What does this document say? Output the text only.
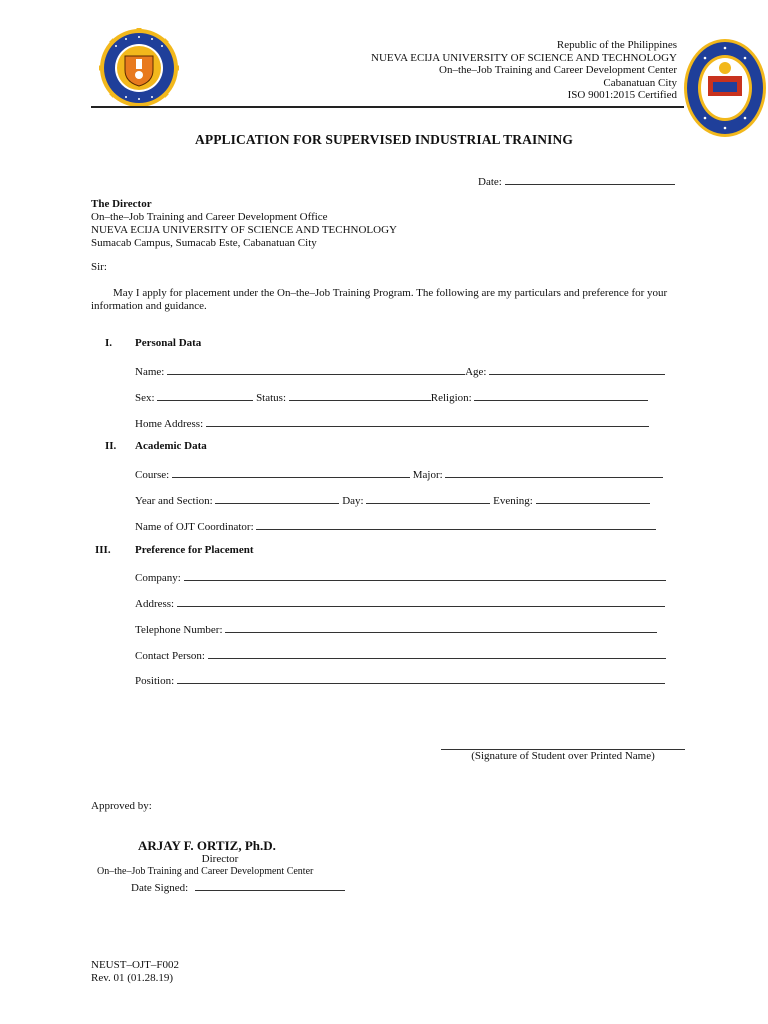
Republic of the Philippines
NUEVA ECIJA UNIVERSITY OF SCIENCE AND TECHNOLOGY
On–the–Job Training and Career Development Center
Cabanatuan City
ISO 9001:2015 Certified
APPLICATION FOR SUPERVISED INDUSTRIAL TRAINING
Date:
The Director
On–the–Job Training and Career Development Office
NUEVA ECIJA UNIVERSITY OF SCIENCE AND TECHNOLOGY
Sumacab Campus, Sumacab Este, Cabanatuan City
Sir:
May I apply for placement under the On–the–Job Training Program. The following are my particulars and preference for your information and guidance.
I. Personal Data
Name:	Age:
Sex:	Status:	Religion:
Home Address:
II. Academic Data
Course:	Major:
Year and Section:	Day:	Evening:
Name of OJT Coordinator:
III. Preference for Placement
Company:
Address:
Telephone Number:
Contact Person:
Position:
(Signature of Student over Printed Name)
Approved by:
ARJAY F. ORTIZ, Ph.D.
Director
On–the–Job Training and Career Development Center
Date Signed:
NEUST–OJT–F002
Rev. 01 (01.28.19)
